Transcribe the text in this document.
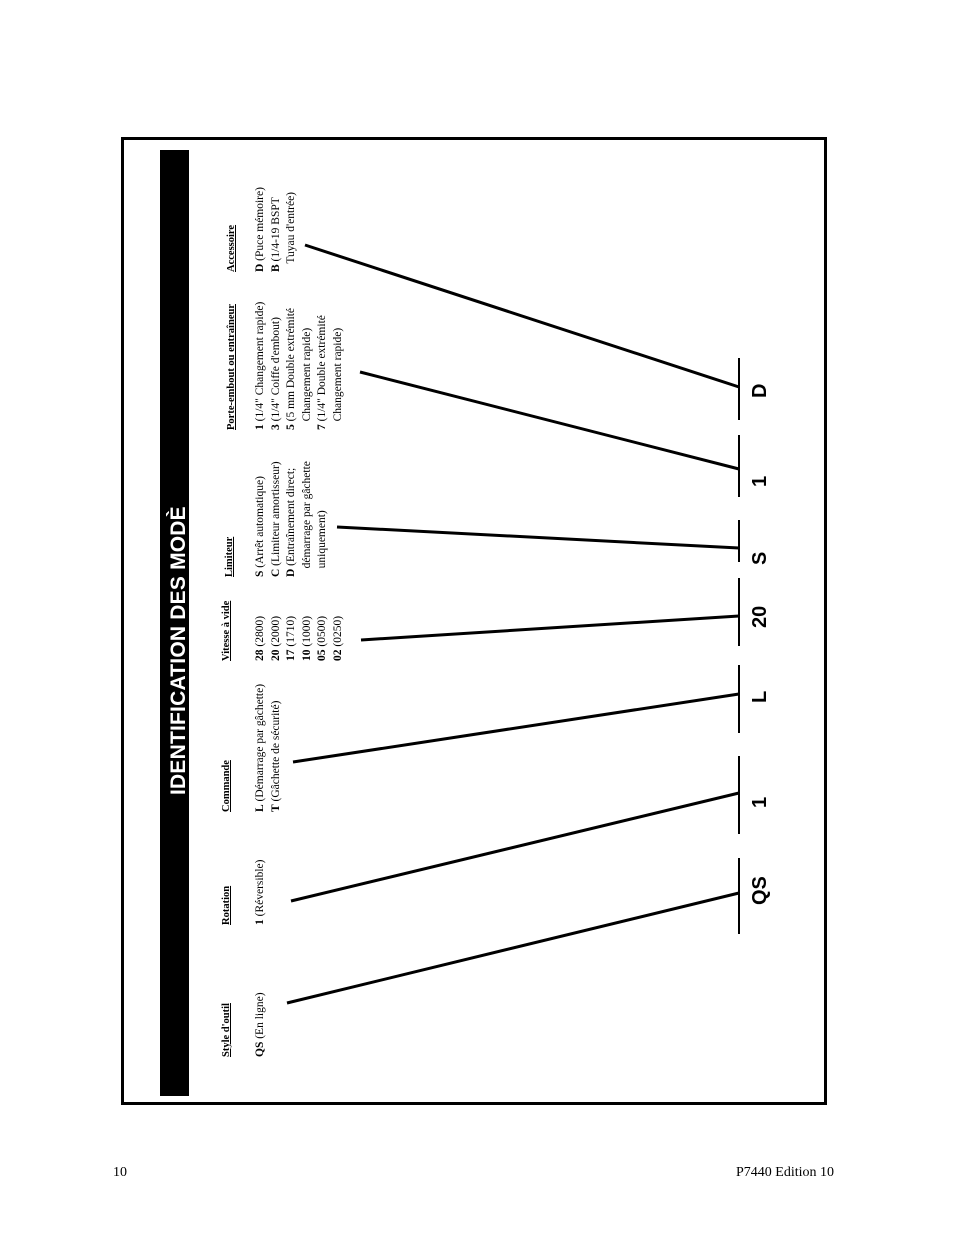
IDENTIFICATION DES MODÈ
Style d'outil QS (En ligne)
Rotation 1 (Réversible)
Commande L (Démarrage par gâchette)
T (Gâchette de sécurité)
Vitesse à vide 28 (2800)
20 (2000)
17 (1710)
10 (1000)
05 (0500)
02 (0250)
Limiteur S (Arrêt automatique)
C (Limiteur amortisseur)
D (Entraînement direct; démarrage par gâchette uniquement)
Porte-embout ou entraîneur 1 (1/4" Changement rapide)
3 (1/4" Coiffe d'embout)
5 (5 mm Double extrémité Changement rapide) 7 (1/4" Double extrémité Changement rapide)
Accessoire D (Puce mémoire)
B (1/4-19 BSPT Tuyau d'entrée)
QS
1
L
20
S
1
D
10	P7440 Edition 10
